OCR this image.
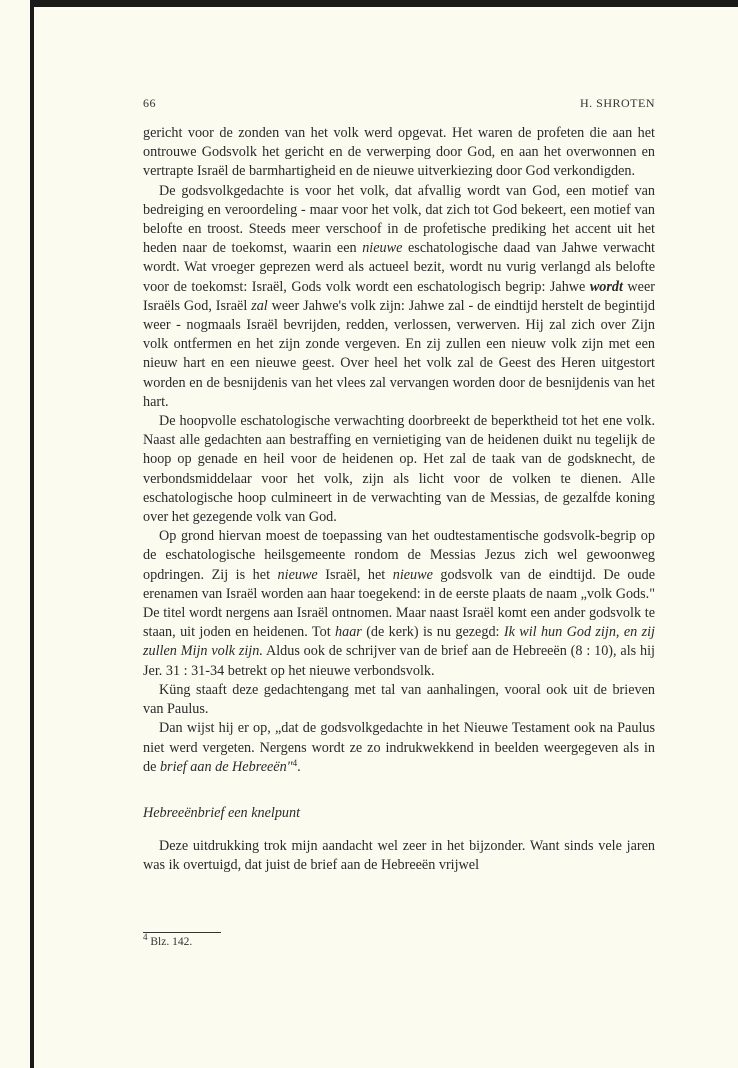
66	H. SHROTEN

gericht voor de zonden van het volk werd opgevat. Het waren de profeten die aan het ontrouwe Godsvolk het gericht en de verwerping door God, en aan het overwonnen en vertrapte Israël de barmhartigheid en de nieuwe uitverkiezing door God verkondigden.

De godsvolkgedachte is voor het volk, dat afvallig wordt van God, een motief van bedreiging en veroordeling - maar voor het volk, dat zich tot God bekeert, een motief van belofte en troost. Steeds meer verschoof in de profetische prediking het accent uit het heden naar de toekomst, waarin een nieuwe eschatologische daad van Jahwe verwacht wordt. Wat vroeger geprezen werd als actueel bezit, wordt nu vurig verlangd als belofte voor de toekomst: Israël, Gods volk wordt een eschatologisch begrip: Jahwe wordt weer Israëls God, Israël zal weer Jahwe's volk zijn: Jahwe zal - de eindtijd herstelt de begintijd weer - nogmaals Israël bevrijden, redden, verlossen, verwerven. Hij zal zich over Zijn volk ontfermen en het zijn zonde vergeven. En zij zullen een nieuw volk zijn met een nieuw hart en een nieuwe geest. Over heel het volk zal de Geest des Heren uitgestort worden en de besnijdenis van het vlees zal vervangen worden door de besnijdenis van het hart.

De hoopvolle eschatologische verwachting doorbreekt de beperktheid tot het ene volk. Naast alle gedachten aan bestraffing en vernietiging van de heidenen duikt nu tegelijk de hoop op genade en heil voor de heidenen op. Het zal de taak van de godsknecht, de verbondsmiddelaar voor het volk, zijn als licht voor de volken te dienen. Alle eschatologische hoop culmineert in de verwachting van de Messias, de gezalfde koning over het gezegende volk van God.

Op grond hiervan moest de toepassing van het oudtestamentische godsvolk-begrip op de eschatologische heilsgemeente rondom de Messias Jezus zich wel gewoonweg opdringen. Zij is het nieuwe Israël, het nieuwe godsvolk van de eindtijd. De oude erenamen van Israël worden aan haar toegekend: in de eerste plaats de naam „volk Gods." De titel wordt nergens aan Israël ontnomen. Maar naast Israël komt een ander godsvolk te staan, uit joden en heidenen. Tot haar (de kerk) is nu gezegd: Ik wil hun God zijn, en zij zullen Mijn volk zijn. Aldus ook de schrijver van de brief aan de Hebreeën (8 : 10), als hij Jer. 31 : 31-34 betrekt op het nieuwe verbondsvolk.

Küng staaft deze gedachtengang met tal van aanhalingen, vooral ook uit de brieven van Paulus.

Dan wijst hij er op, „dat de godsvolkgedachte in het Nieuwe Testament ook na Paulus niet werd vergeten. Nergens wordt ze zo indrukwekkend in beelden weergegeven als in de brief aan de Hebreeën"$^4$.

Hebreeënbrief een knelpunt

Deze uitdrukking trok mijn aandacht wel zeer in het bijzonder. Want sinds vele jaren was ik overtuigd, dat juist de brief aan de Hebreeën vrijwel

$^4$ Blz. 142.
